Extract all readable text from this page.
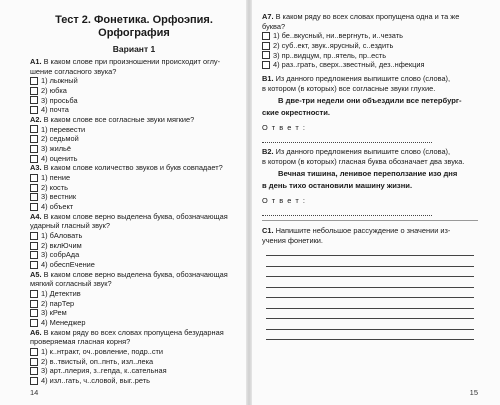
Тест 2. Фонетика. Орфоэпия.

Орфография

Вариант 1

А1. В каком слове при произношении происходит оглу-

шение согласного звука?

1) лыжный
2) юбка
3) просьба
4) почта

А2. В каком слове все согласные звуки мягкие?

1) перевести
2) седьмой
3) жильё
4) оценить

А3. В каком слове количество звуков и букв совпадает?

1) пение
2) кость
3) вестник
4) объект

А4. В каком слове верно выделена буква, обозначающая

ударный гласный звук?

1) бАловать
2) вклЮчим
3) собрАда
4) обеспЕчение

А5. В каком слове верно выделена буква, обозначающая

мягкий согласный звук?

1) Детектив
2) парТер
3) кРем
4) Менеджер

А6. В каком ряду во всех словах пропущена безударная

проверяемая гласная корня?

1) к..нтракт, оч..ровление, подр..сти
2) в..твистый, оп..пнть, изл..лека
3) арт..ллерия, з..гепда, к..сательная
4) изл..гать, ч..словой, выг..реть
14

А7. В каком ряду во всех словах пропущена одна и та же

буква?

1) бе..вкусный, ни..вергнуть, и..чезать
2) суб..ект, звук..ярусный, с..ездить
3) пр..видцум, пр..ятель, пр..есть
4) раз..грать, сверх..звестный, дез..нфекция

В1. Из данного предложения выпишите слово (слова),

в котором (в которых) все согласные звуки глухие.

В две-три недели они объездили все петербург-

ские окрестности.

О т в е т :

В2. Из данного предложения выпишите слово (слова),

в котором (в которых) гласная буква обозначает два звука.

Вечная тишина, ленивое переползание изо дня

в день тихо остановили машину жизни.

О т в е т :

С1. Напишите небольшое рассуждение о значении из-

учения фонетики.

15
